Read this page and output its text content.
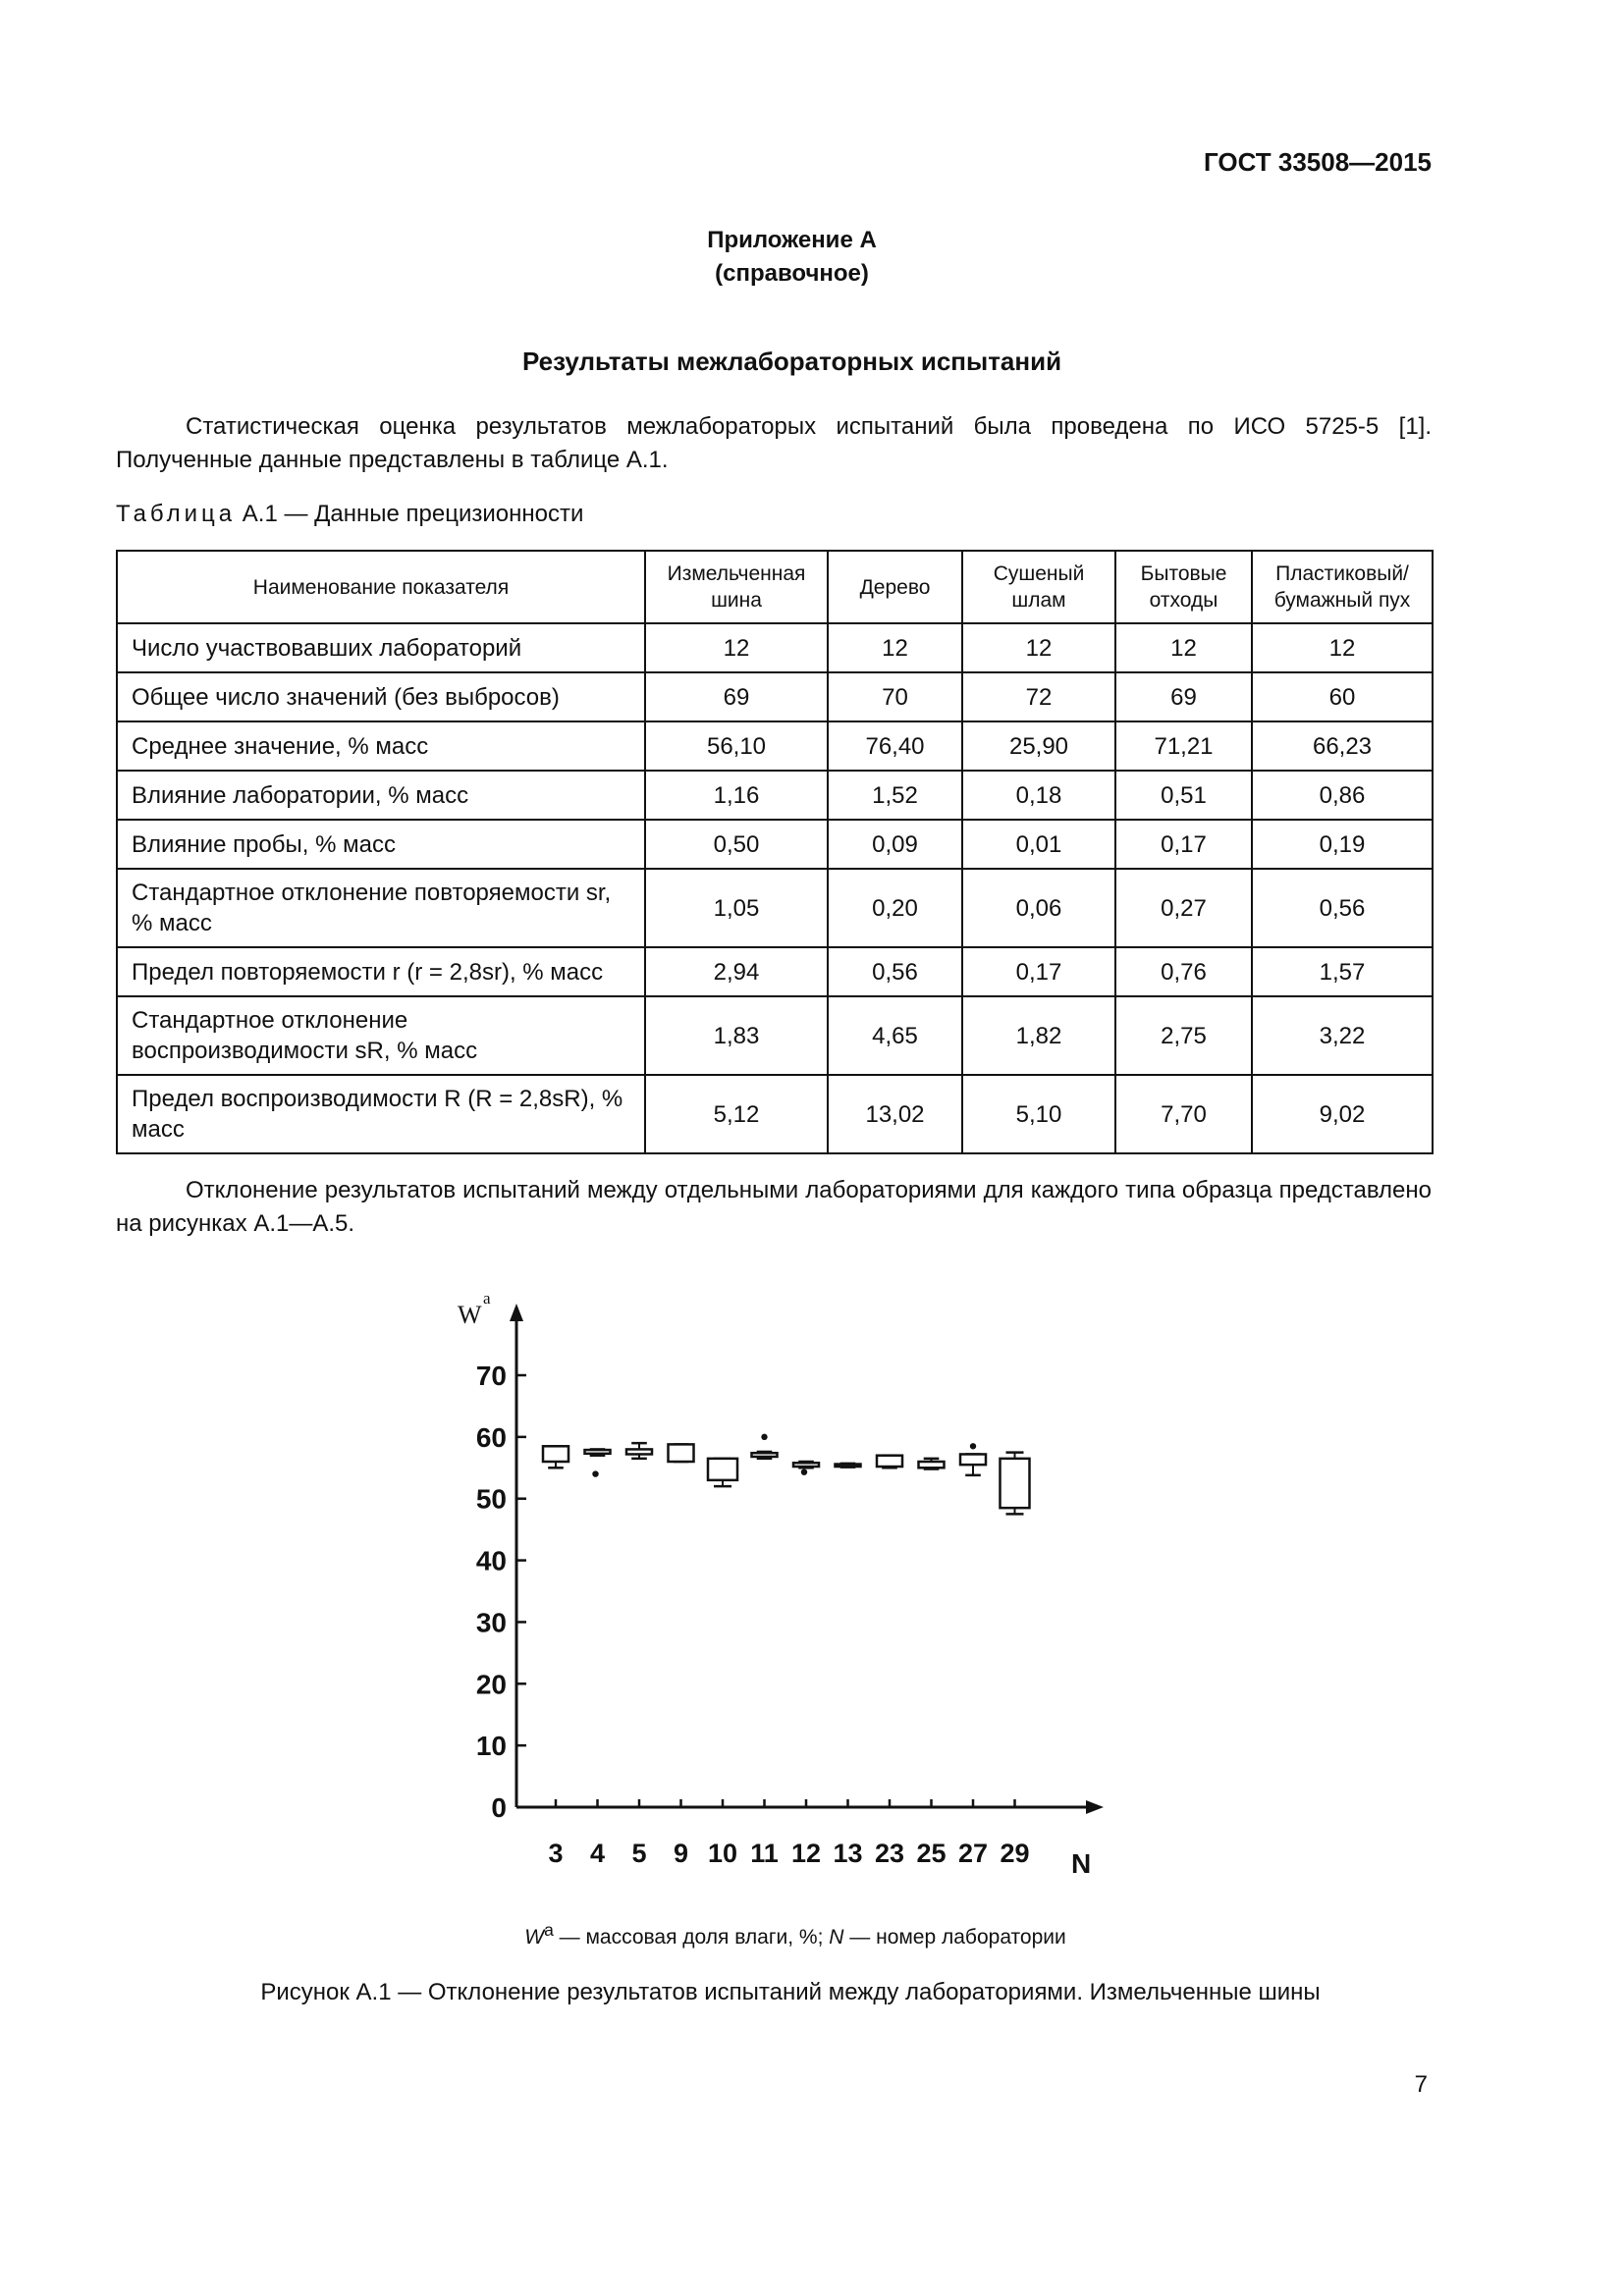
ГОСТ 33508—2015
Приложение А
(справочное)
Результаты межлабораторных испытаний
Статистическая оценка результатов межлабораторых испытаний была проведена по ИСО 5725-5 [1]. Полученные данные представлены в таблице А.1.
Таблица А.1 — Данные прецизионности
Наименование показателя	Измельченная шина	Дерево	Сушеный шлам	Бытовые отходы	Пластиковый/ бумажный пух
Число участвовавших лабораторий	12	12	12	12	12
Общее число значений (без выбросов)	69	70	72	69	60
Среднее значение, % масс	56,10	76,40	25,90	71,21	66,23
Влияние лаборатории, % масс	1,16	1,52	0,18	0,51	0,86
Влияние пробы, % масс	0,50	0,09	0,01	0,17	0,19
Стандартное отклонение повторяемости sr, % масс	1,05	0,20	0,06	0,27	0,56
Предел повторяемости r (r = 2,8sr), % масс	2,94	0,56	0,17	0,76	1,57
Стандартное отклонение воспроизводимости sR, % масс	1,83	4,65	1,82	2,75	3,22
Предел воспроизводимости R (R = 2,8sR), % масс	5,12	13,02	5,10	7,70	9,02
Отклонение результатов испытаний между отдельными лабораториями для каждого типа образца представлено на рисунках А.1—А.5.
W
a
N
0
10
20
30
40
50
60
70
3 4 5 9 10 11 12 13 23 25 27 29
$W^a$ — массовая доля влаги, %; N — номер лаборатории
Рисунок А.1 — Отклонение результатов испытаний между лабораториями. Измельченные шины
7
